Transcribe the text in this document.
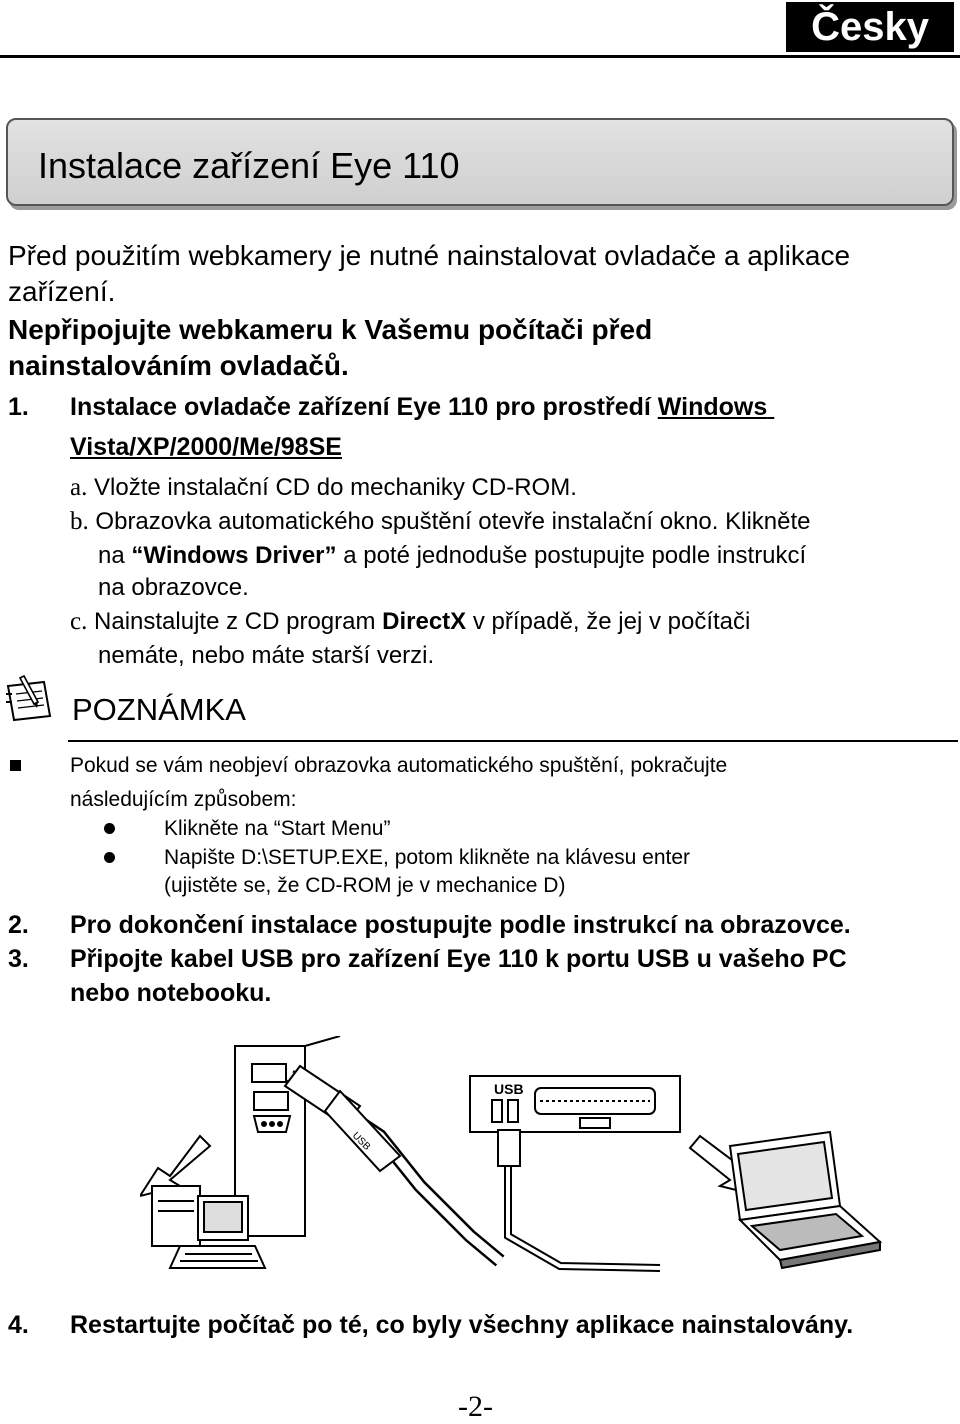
Česky
Instalace zařízení Eye 110
Před použitím webkamery je nutné nainstalovat ovladače a aplikace
zařízení.
Nepřipojujte webkameru k Vašemu počítači před
nainstalováním ovladačů.
1. Instalace ovladače zařízení Eye 110 pro prostředí Windows
Vista/XP/2000/Me/98SE
a. Vložte instalační CD do mechaniky CD-ROM.
b. Obrazovka automatického spuštění otevře instalační okno. Klikněte
na “Windows Driver” a poté jednoduše postupujte podle instrukcí
na obrazovce.
c. Nainstalujte z CD program DirectX v případě, že jej v počítači
nemáte, nebo máte starší verzi.
POZNÁMKA
Pokud se vám neobjeví obrazovka automatického spuštění, pokračujte
následujícím způsobem:
Klikněte na “Start Menu”
Napište D:\SETUP.EXE, potom klikněte na klávesu enter
(ujistěte se, že CD-ROM je v mechanice D)
2. Pro dokončení instalace postupujte podle instrukcí na obrazovce.
3. Připojte kabel USB pro zařízení Eye 110 k portu USB u vašeho PC
nebo notebooku.
USB
USB
4. Restartujte počítač po té, co byly všechny aplikace nainstalovány.
-2-
